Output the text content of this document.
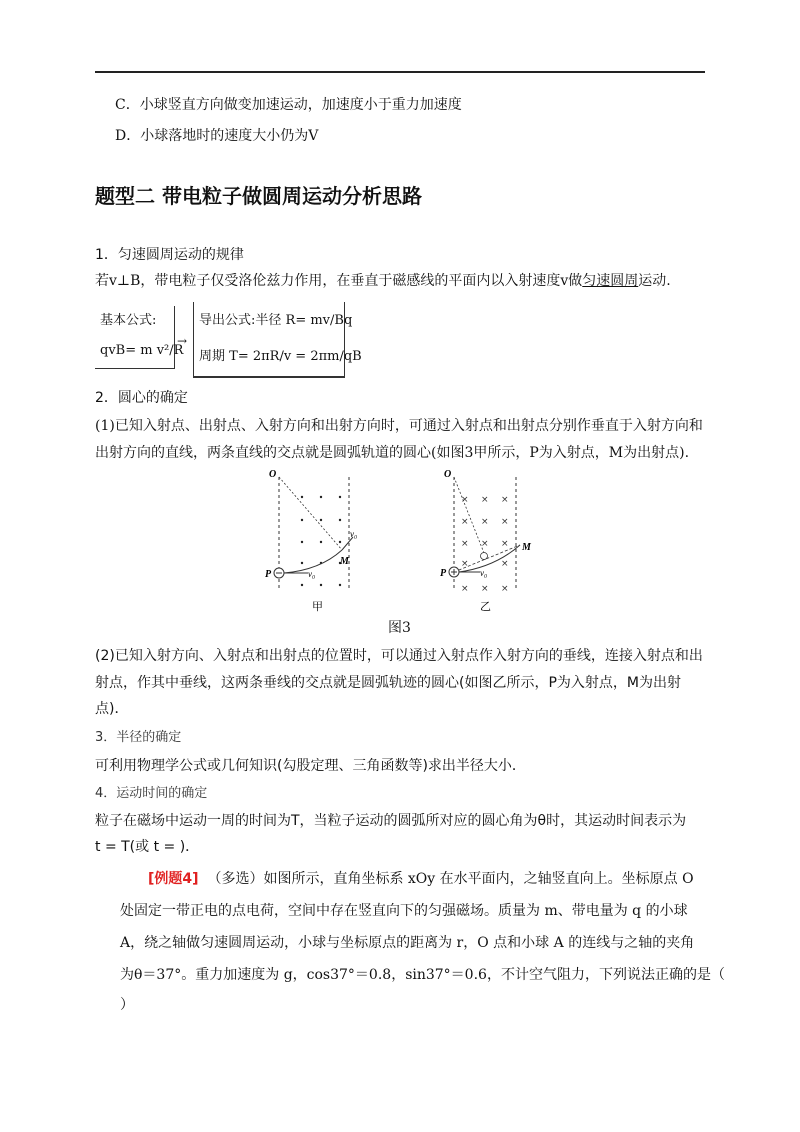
C．小球竖直方向做变加速运动，加速度小于重力加速度
D．小球落地时的速度大小仍为V
题型二 带电粒子做圆周运动分析思路
1．匀速圆周运动的规律
若v⊥B，带电粒子仅受洛伦兹力作用，在垂直于磁感线的平面内以入射速度v做匀速圆周运动.
基本公式:
qvB= m v²/R
→
导出公式:半径 R= mv/Bq
周期 T= 2πR/v = 2πm/qB
2．圆心的确定
(1)已知入射点、出射点、入射方向和出射方向时，可通过入射点和出射点分别作垂直于入射方向和
出射方向的直线，两条直线的交点就是圆弧轨道的圆心(如图3甲所示，P为入射点，M为出射点).
O
P
M
v₀
v₀
甲
× × ×
× × ×
× × ×
×	×
× × ×
O
P
M
v₀
乙
图3
(2)已知入射方向、入射点和出射点的位置时，可以通过入射点作入射方向的垂线，连接入射点和出
射点，作其中垂线，这两条垂线的交点就是圆弧轨迹的圆心(如图乙所示，P为入射点，M为出射
点)．
3．半径的确定
可利用物理学公式或几何知识(勾股定理、三角函数等)求出半径大小．
4．运动时间的确定
粒子在磁场中运动一周的时间为T，当粒子运动的圆弧所对应的圆心角为θ时，其运动时间表示为
t = T(或 t = )．
[例题4] （多选）如图所示，直角坐标系 xOy 在水平面内，之轴竖直向上。坐标原点 O
处固定一带正电的点电荷，空间中存在竖直向下的匀强磁场。质量为 m、带电量为 q 的小球
A，绕之轴做匀速圆周运动，小球与坐标原点的距离为 r，O 点和小球 A 的连线与之轴的夹角
为θ＝37°。重力加速度为 g，cos37°＝0.8，sin37°＝0.6，不计空气阻力，下列说法正确的是（
）
